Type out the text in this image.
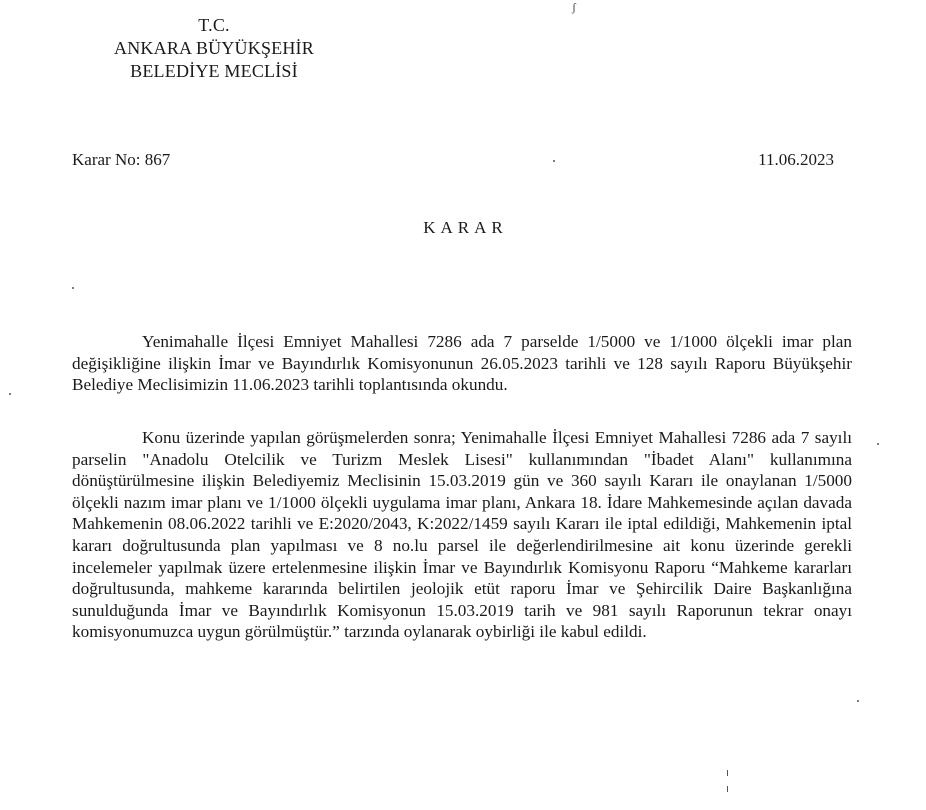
T.C.
ANKARA BÜYÜKŞEHİR
BELEDİYE MECLİSİ
Karar No: 867	11.06.2023
KARAR

Yenimahalle İlçesi Emniyet Mahallesi 7286 ada 7 parselde 1/5000 ve 1/1000 ölçekli imar plan değişikliğine ilişkin İmar ve Bayındırlık Komisyonunun 26.05.2023 tarihli ve 128 sayılı Raporu Büyükşehir Belediye Meclisimizin 11.06.2023 tarihli toplantısında okundu.

Konu üzerinde yapılan görüşmelerden sonra; Yenimahalle İlçesi Emniyet Mahallesi 7286 ada 7 sayılı parselin "Anadolu Otelcilik ve Turizm Meslek Lisesi" kullanımından "İbadet Alanı" kullanımına dönüştürülmesine ilişkin Belediyemiz Meclisinin 15.03.2019 gün ve 360 sayılı Kararı ile onaylanan 1/5000 ölçekli nazım imar planı ve 1/1000 ölçekli uygulama imar planı, Ankara 18. İdare Mahkemesinde açılan davada Mahkemenin 08.06.2022 tarihli ve E:2020/2043, K:2022/1459 sayılı Kararı ile iptal edildiği, Mahkemenin iptal kararı doğrultusunda plan yapılması ve 8 no.lu parsel ile değerlendirilmesine ait konu üzerinde gerekli incelemeler yapılmak üzere ertelenmesine ilişkin İmar ve Bayındırlık Komisyonu Raporu “Mahkeme kararları doğrultusunda, mahkeme kararında belirtilen jeolojik etüt raporu İmar ve Şehircilik Daire Başkanlığına sunulduğunda İmar ve Bayındırlık Komisyonun 15.03.2019 tarih ve 981 sayılı Raporunun tekrar onayı komisyonumuzca uygun görülmüştür.” tarzında oylanarak oybirliği ile kabul edildi.

ʃ
